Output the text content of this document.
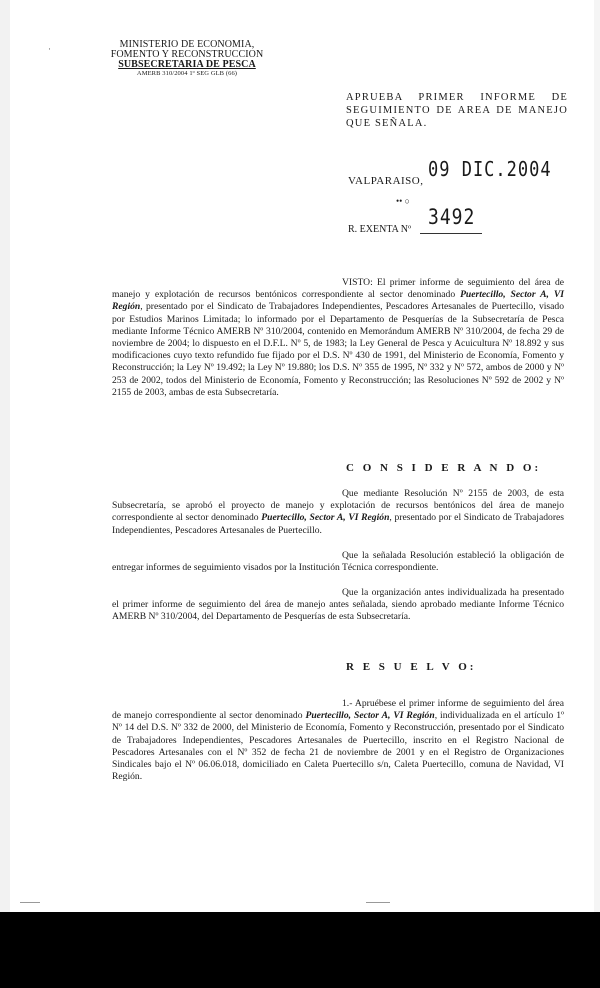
·	MINISTERIO DE ECONOMIA,
FOMENTO Y RECONSTRUCCION
SUBSECRETARIA DE PESCA
AMERB 310/2004 1º SEG GLB (66)
APRUEBA PRIMER INFORME DE SEGUIMIENTO DE AREA DE MANEJO QUE SEÑALA.
VALPARAISO, 09 DIC.2004
•• ○
R. EXENTA Nº 3492
VISTO: El primer informe de seguimiento del área de manejo y explotación de recursos bentónicos correspondiente al sector denominado Puertecillo, Sector A, VI Región, presentado por el Sindicato de Trabajadores Independientes, Pescadores Artesanales de Puertecillo, visado por Estudios Marinos Limitada; lo informado por el Departamento de Pesquerías de la Subsecretaría de Pesca mediante Informe Técnico AMERB Nº 310/2004, contenido en Memorándum AMERB Nº 310/2004, de fecha 29 de noviembre de 2004; lo dispuesto en el D.F.L. Nº 5, de 1983; la Ley General de Pesca y Acuicultura Nº 18.892 y sus modificaciones cuyo texto refundido fue fijado por el D.S. Nº 430 de 1991, del Ministerio de Economía, Fomento y Reconstrucción; la Ley Nº 19.492; la Ley Nº 19.880; los D.S. Nº 355 de 1995, Nº 332 y Nº 572, ambos de 2000 y Nº 253 de 2002, todos del Ministerio de Economía, Fomento y Reconstrucción; las Resoluciones Nº 592 de 2002 y Nº 2155 de 2003, ambas de esta Subsecretaría.
C O N S I D E R A N D O:
Que mediante Resolución Nº 2155 de 2003, de esta Subsecretaría, se aprobó el proyecto de manejo y explotación de recursos bentónicos del área de manejo correspondiente al sector denominado Puertecillo, Sector A, VI Región, presentado por el Sindicato de Trabajadores Independientes, Pescadores Artesanales de Puertecillo.
Que la señalada Resolución estableció la obligación de entregar informes de seguimiento visados por la Institución Técnica correspondiente.
Que la organización antes individualizada ha presentado el primer informe de seguimiento del área de manejo antes señalada, siendo aprobado mediante Informe Técnico AMERB Nº 310/2004, del Departamento de Pesquerías de esta Subsecretaría.
R E S U E L V O:
1.- Apruébese el primer informe de seguimiento del área de manejo correspondiente al sector denominado Puertecillo, Sector A, VI Región, individualizada en el artículo 1º Nº 14 del D.S. Nº 332 de 2000, del Ministerio de Economía, Fomento y Reconstrucción, presentado por el Sindicato de Trabajadores Independientes, Pescadores Artesanales de Puertecillo, inscrito en el Registro Nacional de Pescadores Artesanales con el Nº 352 de fecha 21 de noviembre de 2001 y en el Registro de Organizaciones Sindicales bajo el Nº 06.06.018, domiciliado en Caleta Puertecillo s/n, Caleta Puertecillo, comuna de Navidad, VI Región.
